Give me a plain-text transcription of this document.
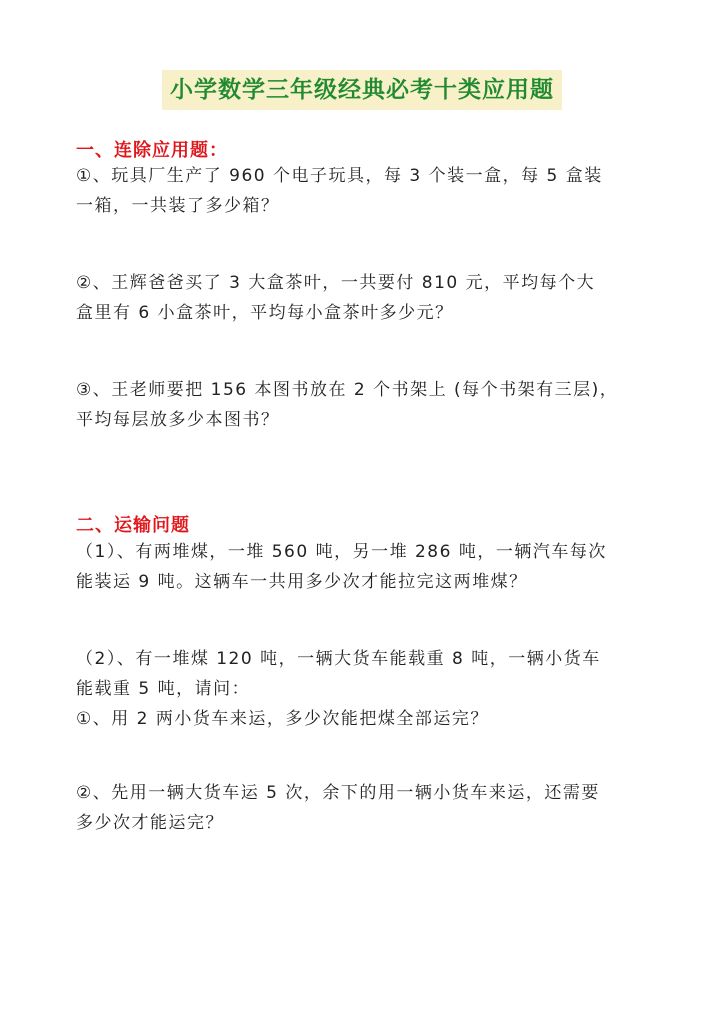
小学数学三年级经典必考十类应用题
一、连除应用题：

①、玩具厂生产了 960 个电子玩具，每 3 个装一盒，每 5 盒装
一箱，一共装了多少箱？

②、王辉爸爸买了 3 大盒茶叶，一共要付 810 元，平均每个大
盒里有 6 小盒茶叶，平均每小盒茶叶多少元？

③、王老师要把 156 本图书放在 2 个书架上 (每个书架有三层)，
平均每层放多少本图书？

二、运输问题

（1）、有两堆煤，一堆 560 吨，另一堆 286 吨，一辆汽车每次
能装运 9 吨。这辆车一共用多少次才能拉完这两堆煤？

（2）、有一堆煤 120 吨，一辆大货车能载重 8 吨，一辆小货车
能载重 5 吨，请问：
①、用 2 两小货车来运，多少次能把煤全部运完？

②、先用一辆大货车运 5 次，余下的用一辆小货车来运，还需要
多少次才能运完？
